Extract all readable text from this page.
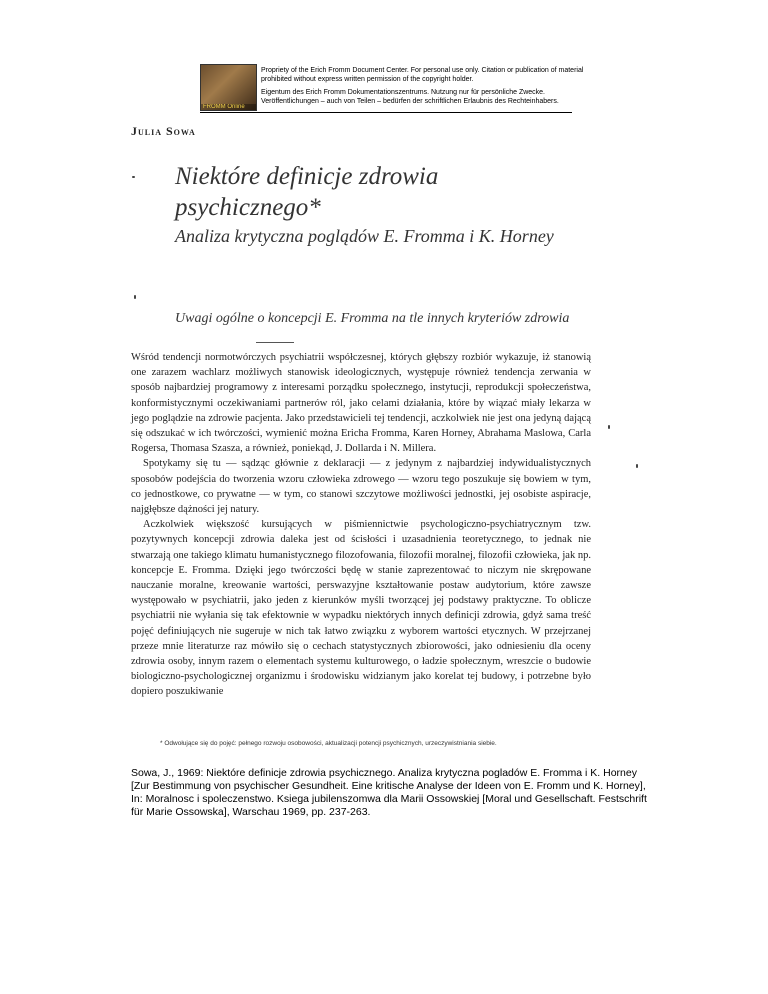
FROMM Online

Propriety of the Erich Fromm Document Center. For personal use only. Citation or publication of material prohibited without express written permission of the copyright holder.

Eigentum des Erich Fromm Dokumentationszentrums. Nutzung nur für persönliche Zwecke. Veröffentlichungen – auch von Teilen – bedürfen der schriftlichen Erlaubnis des Rechteinhabers.

Julia Sowa
Niektóre definicje zdrowia psychicznego*
Analiza krytyczna poglądów E. Fromma i K. Horney
Uwagi ogólne o koncepcji E. Fromma na tle innych kryteriów zdrowia

Wśród tendencji normotwórczych psychiatrii współczesnej, których głębszy rozbiór wykazuje, iż stanowią one zarazem wachlarz możliwych stanowisk ideologicznych, występuje również tendencja zerwania w sposób najbardziej programowy z interesami porządku społecznego, instytucji, reprodukcji społeczeństwa, konformistycznymi oczekiwaniami partnerów ról, jako celami działania, które by wiązać miały lekarza w jego poglądzie na zdrowie pacjenta. Jako przedstawicieli tej tendencji, aczkolwiek nie jest ona jedyną dającą się odszukać w ich twórczości, wymienić można Ericha Fromma, Karen Horney, Abrahama Maslowa, Carla Rogersa, Thomasa Szasza, a również, poniekąd, J. Dollarda i N. Millera.

Spotykamy się tu — sądząc głównie z deklaracji — z jedynym z najbardziej indywidualistycznych sposobów podejścia do tworzenia wzoru człowieka zdrowego — wzoru tego poszukuje się bowiem w tym, co jednostkowe, co prywatne — w tym, co stanowi szczytowe możliwości jednostki, jej osobiste aspiracje, najgłębsze dążności jej natury.

Aczkolwiek większość kursujących w piśmiennictwie psychologiczno-psychiatrycznym tzw. pozytywnych koncepcji zdrowia daleka jest od ścisłości i uzasadnienia teoretycznego, to jednak nie stwarzają one takiego klimatu humanistycznego filozofowania, filozofii moralnej, filozofii człowieka, jak np. koncepcje E. Fromma. Dzięki jego twórczości będę w stanie zaprezentować to niczym nie skrępowane nauczanie moralne, kreowanie wartości, perswazyjne kształtowanie postaw audytorium, które zawsze występowało w psychiatrii, jako jeden z kierunków myśli tworzącej jej podstawy praktyczne. To oblicze psychiatrii nie wyłania się tak efektownie w wypadku niektórych innych definicji zdrowia, gdyż sama treść pojęć definiujących nie sugeruje w nich tak łatwo związku z wyborem wartości etycznych. W przejrzanej przeze mnie literaturze raz mówiło się o cechach statystycznych zbiorowości, jako odniesieniu dla oceny zdrowia osoby, innym razem o elementach systemu kulturowego, o ładzie społecznym, wreszcie o budowie biologiczno-psychologicznej organizmu i środowisku widzianym jako korelat tej budowy, i potrzebne było dopiero poszukiwanie

* Odwołujące się do pojęć: pełnego rozwoju osobowości, aktualizacji potencji psychicznych, urzeczywistniania siebie.

Sowa, J., 1969: Niektóre definicje zdrowia psychicznego. Analiza krytyczna pogladów E. Fromma i K. Horney [Zur Bestimmung von psychischer Gesundheit. Eine kritische Analyse der Ideen von E. Fromm und K. Horney], In: Moralnosc i spoleczenstwo. Ksiega jubilenszomwa dla Marii Ossowskiej [Moral und Gesellschaft. Festschrift für Marie Ossowska], Warschau 1969, pp. 237-263.
